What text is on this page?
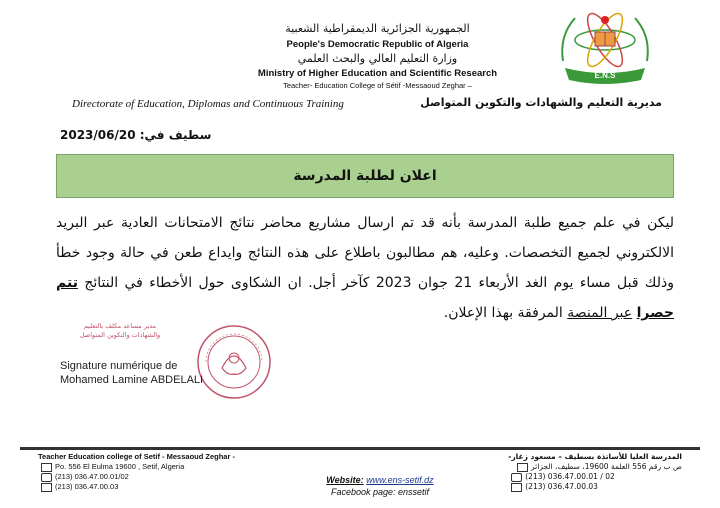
الجمهورية الجزائرية الديمقراطية الشعبية
People's Democratic Republic of Algeria
وزارة التعليم العالي والبحث العلمي
Ministry of Higher Education and Scientific Research
Teacher- Education College of Sétif -Messaoud Zeghar –
E.N.S
Directorate of Education, Diplomas and Continuous Training	مديرية التعليم والشهادات والتكوين المتواصل
سطيف في: 2023/06/20
اعلان لطلبة المدرسة
ليكن في علم جميع طلبة المدرسة بأنه قد تم ارسال مشاريع محاضر نتائج الامتحانات العادية عبر البريد الالكتروني لجميع التخصصات. وعليه، هم مطالبون باطلاع على هذه النتائج وايداع طعن في حالة وجود خطأ وذلك قبل مساء يوم الغد الأربعاء 21 جوان 2023 كآخر أجل. ان الشكاوى حول الأخطاء في النتائج تتم حصرا عبر المنصة المرفقة بهذا الإعلان.
مدير مساعد مكلف بالتعليم والشهادات والتكوين المتواصل
Signature numérique de
Mohamed Lamine ABDELALI
Teacher Education college of Setif - Messaoud Zeghar -
Po. 556 El Eulma 19600 , Setif, Algeria
(213) 036.47.00.01/02
(213) 036.47.00.03
Website: www.ens-setif.dz
Facebook page: enssetif
المدرسة العليا للأساتذة بسطيف – مسعود زغار-
ص ب رقم 556 العلمة 19600، سطيف، الجزائر
(213) 036.47.00.01 / 02
(213) 036.47.00.03
